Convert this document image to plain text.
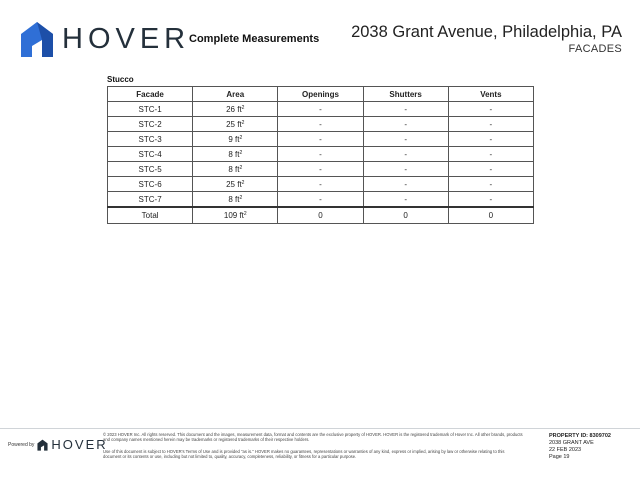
HOVER
Complete Measurements 2038 Grant Avenue, Philadelphia, PA
FACADES
Stucco
Facade	Area	Openings	Shutters	Vents
STC-1	26 $ft^2$	-	-	-
STC-2	25 $ft^2$	-	-	-
STC-3	9 $ft^2$	-	-	-
STC-4	8 $ft^2$	-	-	-
STC-5	8 $ft^2$	-	-	-
STC-6	25 $ft^2$	-	-	-
STC-7	8 $ft^2$	-	-	-
Total	109 $ft^2$	0	0	0
Powered by HOVER

© 2023 HOVER Inc. All rights reserved. This document and the images, measurement data, format and contents are the exclusive property of HOVER. HOVER is the registered trademark of Hover Inc. All other brands, products and company names mentioned herein may be trademarks or registered trademarks of their respective holders.

Use of this document is subject to HOVER's Terms of Use and is provided "as is." HOVER makes no guarantees, representations or warranties of any kind, express or implied, arising by law or otherwise relating to this document or its contents or use, including but not limited to, quality, accuracy, completeness, reliability, or fitness for a particular purpose.

PROPERTY ID: 8309702
2038 GRANT AVE
22 FEB 2023
Page 19
